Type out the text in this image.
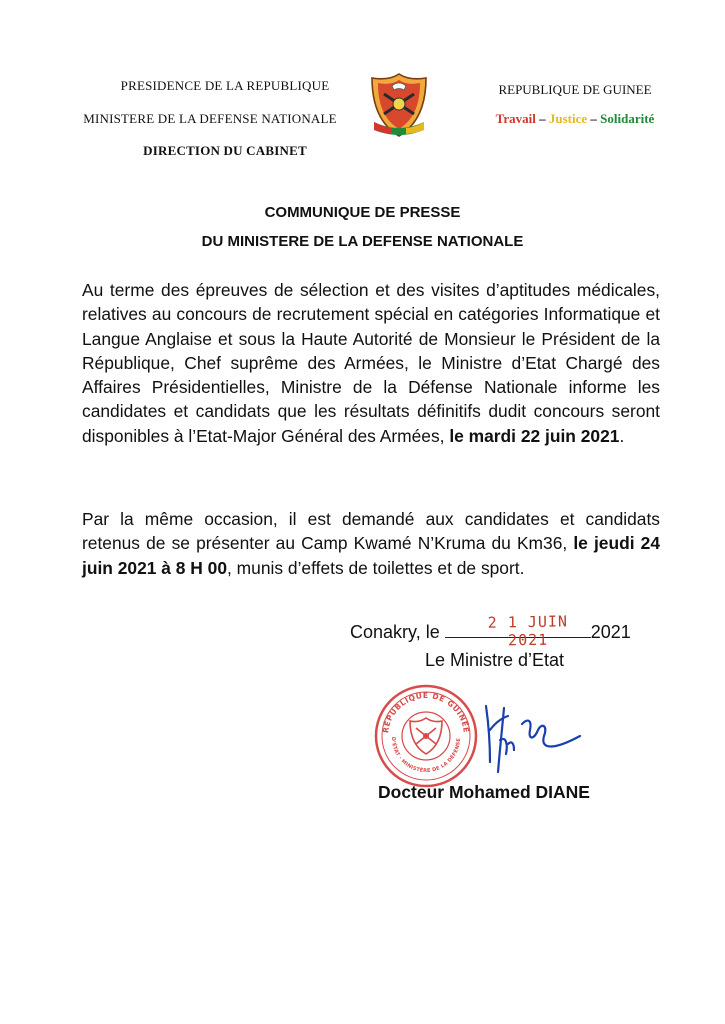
PRESIDENCE DE LA REPUBLIQUE
MINISTERE DE LA DEFENSE NATIONALE
DIRECTION DU CABINET
REPUBLIQUE DE GUINEE
Travail – Justice – Solidarité
COMMUNIQUE DE PRESSE
DU MINISTERE DE LA DEFENSE NATIONALE
Au terme des épreuves de sélection et des visites d’aptitudes médicales, relatives au concours de recrutement spécial en catégories Informatique et Langue Anglaise et sous la Haute Autorité de Monsieur le Président de la République, Chef suprême des Armées, le Ministre d’Etat Chargé des Affaires Présidentielles, Ministre de la Défense Nationale informe les candidates et candidats que les résultats définitifs dudit concours seront disponibles à l’Etat-Major Général des Armées, le mardi 22 juin 2021.
Par la même occasion, il est demandé aux candidates et candidats retenus de se présenter au Camp Kwamé N’Kruma du Km36, le jeudi 24 juin 2021 à 8 H 00, munis d’effets de toilettes et de sport.
Conakry, le	2 1 JUIN 2021	2021
Le Ministre d’Etat
RÉPUBLIQUE DE GUINÉE
D’ÉTAT · MINISTÈRE DE LA DÉFENSE
Docteur Mohamed DIANE
